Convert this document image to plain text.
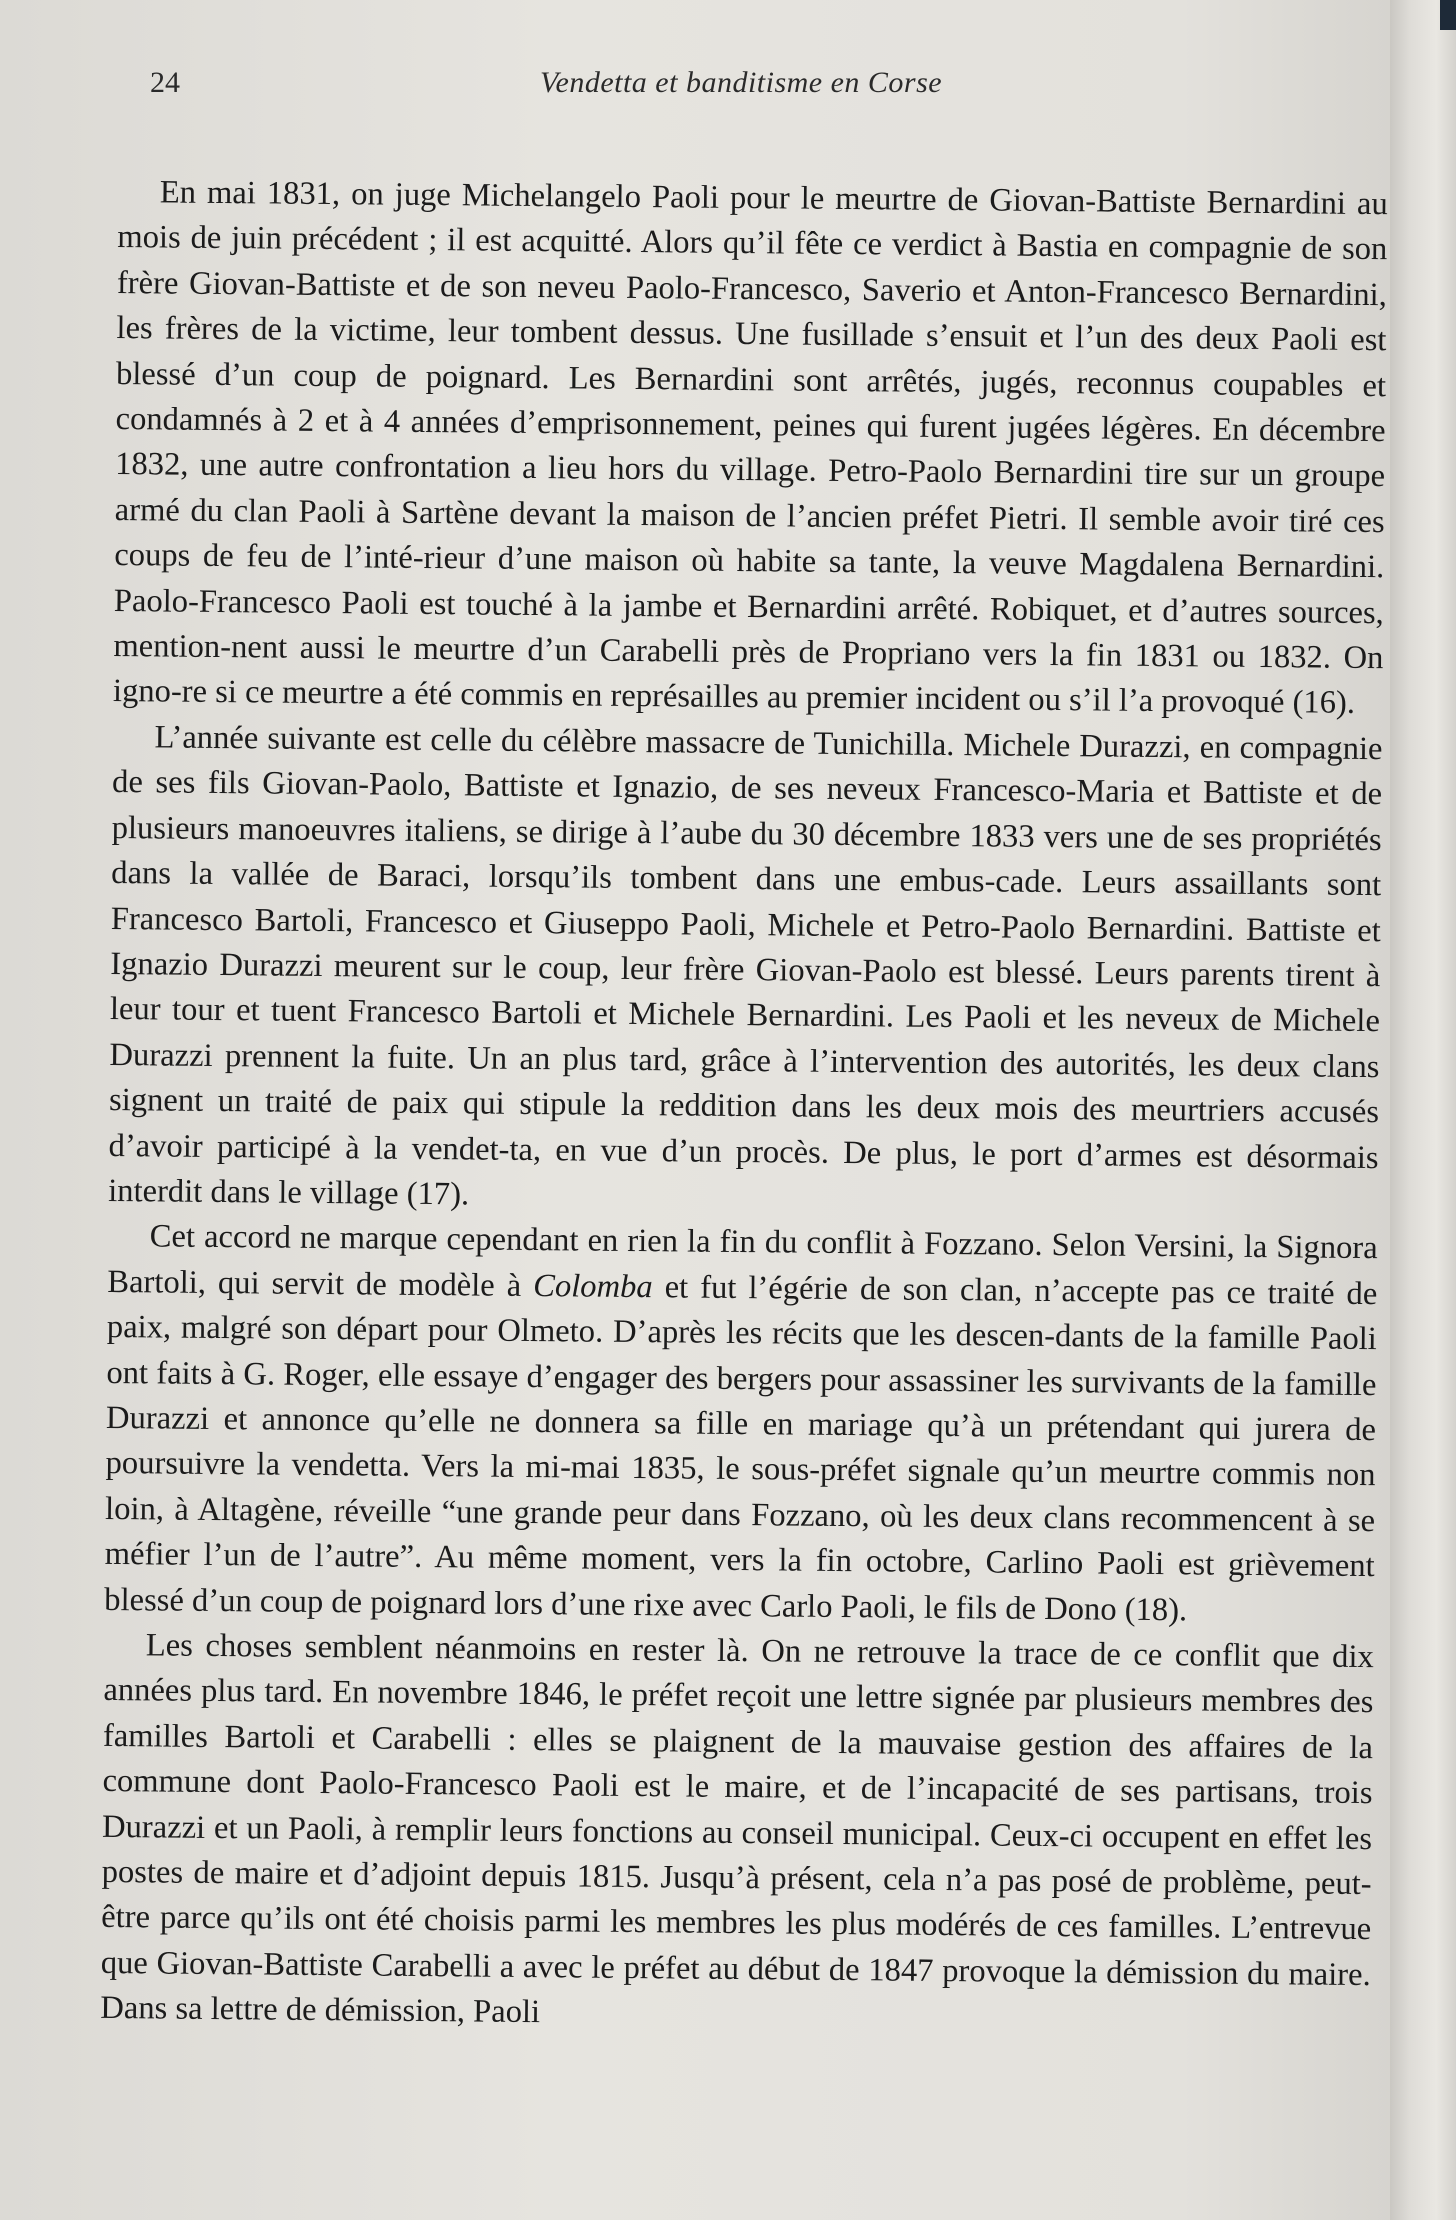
24	Vendetta et banditisme en Corse

En mai 1831, on juge Michelangelo Paoli pour le meurtre de Giovan-Battiste Bernardini au mois de juin précédent ; il est acquitté. Alors qu’il fête ce verdict à Bastia en compagnie de son frère Giovan-Battiste et de son neveu Paolo-Francesco, Saverio et Anton-Francesco Bernardini, les frères de la victime, leur tombent dessus. Une fusillade s’ensuit et l’un des deux Paoli est blessé d’un coup de poignard. Les Bernardini sont arrêtés, jugés, reconnus coupables et condamnés à 2 et à 4 années d’emprisonnement, peines qui furent jugées légères. En décembre 1832, une autre confrontation a lieu hors du village. Petro-Paolo Bernardini tire sur un groupe armé du clan Paoli à Sartène devant la maison de l’ancien préfet Pietri. Il semble avoir tiré ces coups de feu de l’inté-rieur d’une maison où habite sa tante, la veuve Magdalena Bernardini. Paolo-Francesco Paoli est touché à la jambe et Bernardini arrêté. Robiquet, et d’autres sources, mention-nent aussi le meurtre d’un Carabelli près de Propriano vers la fin 1831 ou 1832. On igno-re si ce meurtre a été commis en représailles au premier incident ou s’il l’a provoqué (16).

L’année suivante est celle du célèbre massacre de Tunichilla. Michele Durazzi, en compagnie de ses fils Giovan-Paolo, Battiste et Ignazio, de ses neveux Francesco-Maria et Battiste et de plusieurs manoeuvres italiens, se dirige à l’aube du 30 décembre 1833 vers une de ses propriétés dans la vallée de Baraci, lorsqu’ils tombent dans une embus-cade. Leurs assaillants sont Francesco Bartoli, Francesco et Giuseppo Paoli, Michele et Petro-Paolo Bernardini. Battiste et Ignazio Durazzi meurent sur le coup, leur frère Giovan-Paolo est blessé. Leurs parents tirent à leur tour et tuent Francesco Bartoli et Michele Bernardini. Les Paoli et les neveux de Michele Durazzi prennent la fuite. Un an plus tard, grâce à l’intervention des autorités, les deux clans signent un traité de paix qui stipule la reddition dans les deux mois des meurtriers accusés d’avoir participé à la vendet-ta, en vue d’un procès. De plus, le port d’armes est désormais interdit dans le village (17).

Cet accord ne marque cependant en rien la fin du conflit à Fozzano. Selon Versini, la Signora Bartoli, qui servit de modèle à Colomba et fut l’égérie de son clan, n’accepte pas ce traité de paix, malgré son départ pour Olmeto. D’après les récits que les descen-dants de la famille Paoli ont faits à G. Roger, elle essaye d’engager des bergers pour assassiner les survivants de la famille Durazzi et annonce qu’elle ne donnera sa fille en mariage qu’à un prétendant qui jurera de poursuivre la vendetta. Vers la mi-mai 1835, le sous-préfet signale qu’un meurtre commis non loin, à Altagène, réveille “une grande peur dans Fozzano, où les deux clans recommencent à se méfier l’un de l’autre”. Au même moment, vers la fin octobre, Carlino Paoli est grièvement blessé d’un coup de poignard lors d’une rixe avec Carlo Paoli, le fils de Dono (18).

Les choses semblent néanmoins en rester là. On ne retrouve la trace de ce conflit que dix années plus tard. En novembre 1846, le préfet reçoit une lettre signée par plusieurs membres des familles Bartoli et Carabelli : elles se plaignent de la mauvaise gestion des affaires de la commune dont Paolo-Francesco Paoli est le maire, et de l’incapacité de ses partisans, trois Durazzi et un Paoli, à remplir leurs fonctions au conseil municipal. Ceux-ci occupent en effet les postes de maire et d’adjoint depuis 1815. Jusqu’à présent, cela n’a pas posé de problème, peut-être parce qu’ils ont été choisis parmi les membres les plus modérés de ces familles. L’entrevue que Giovan-Battiste Carabelli a avec le préfet au début de 1847 provoque la démission du maire. Dans sa lettre de démission, Paoli
